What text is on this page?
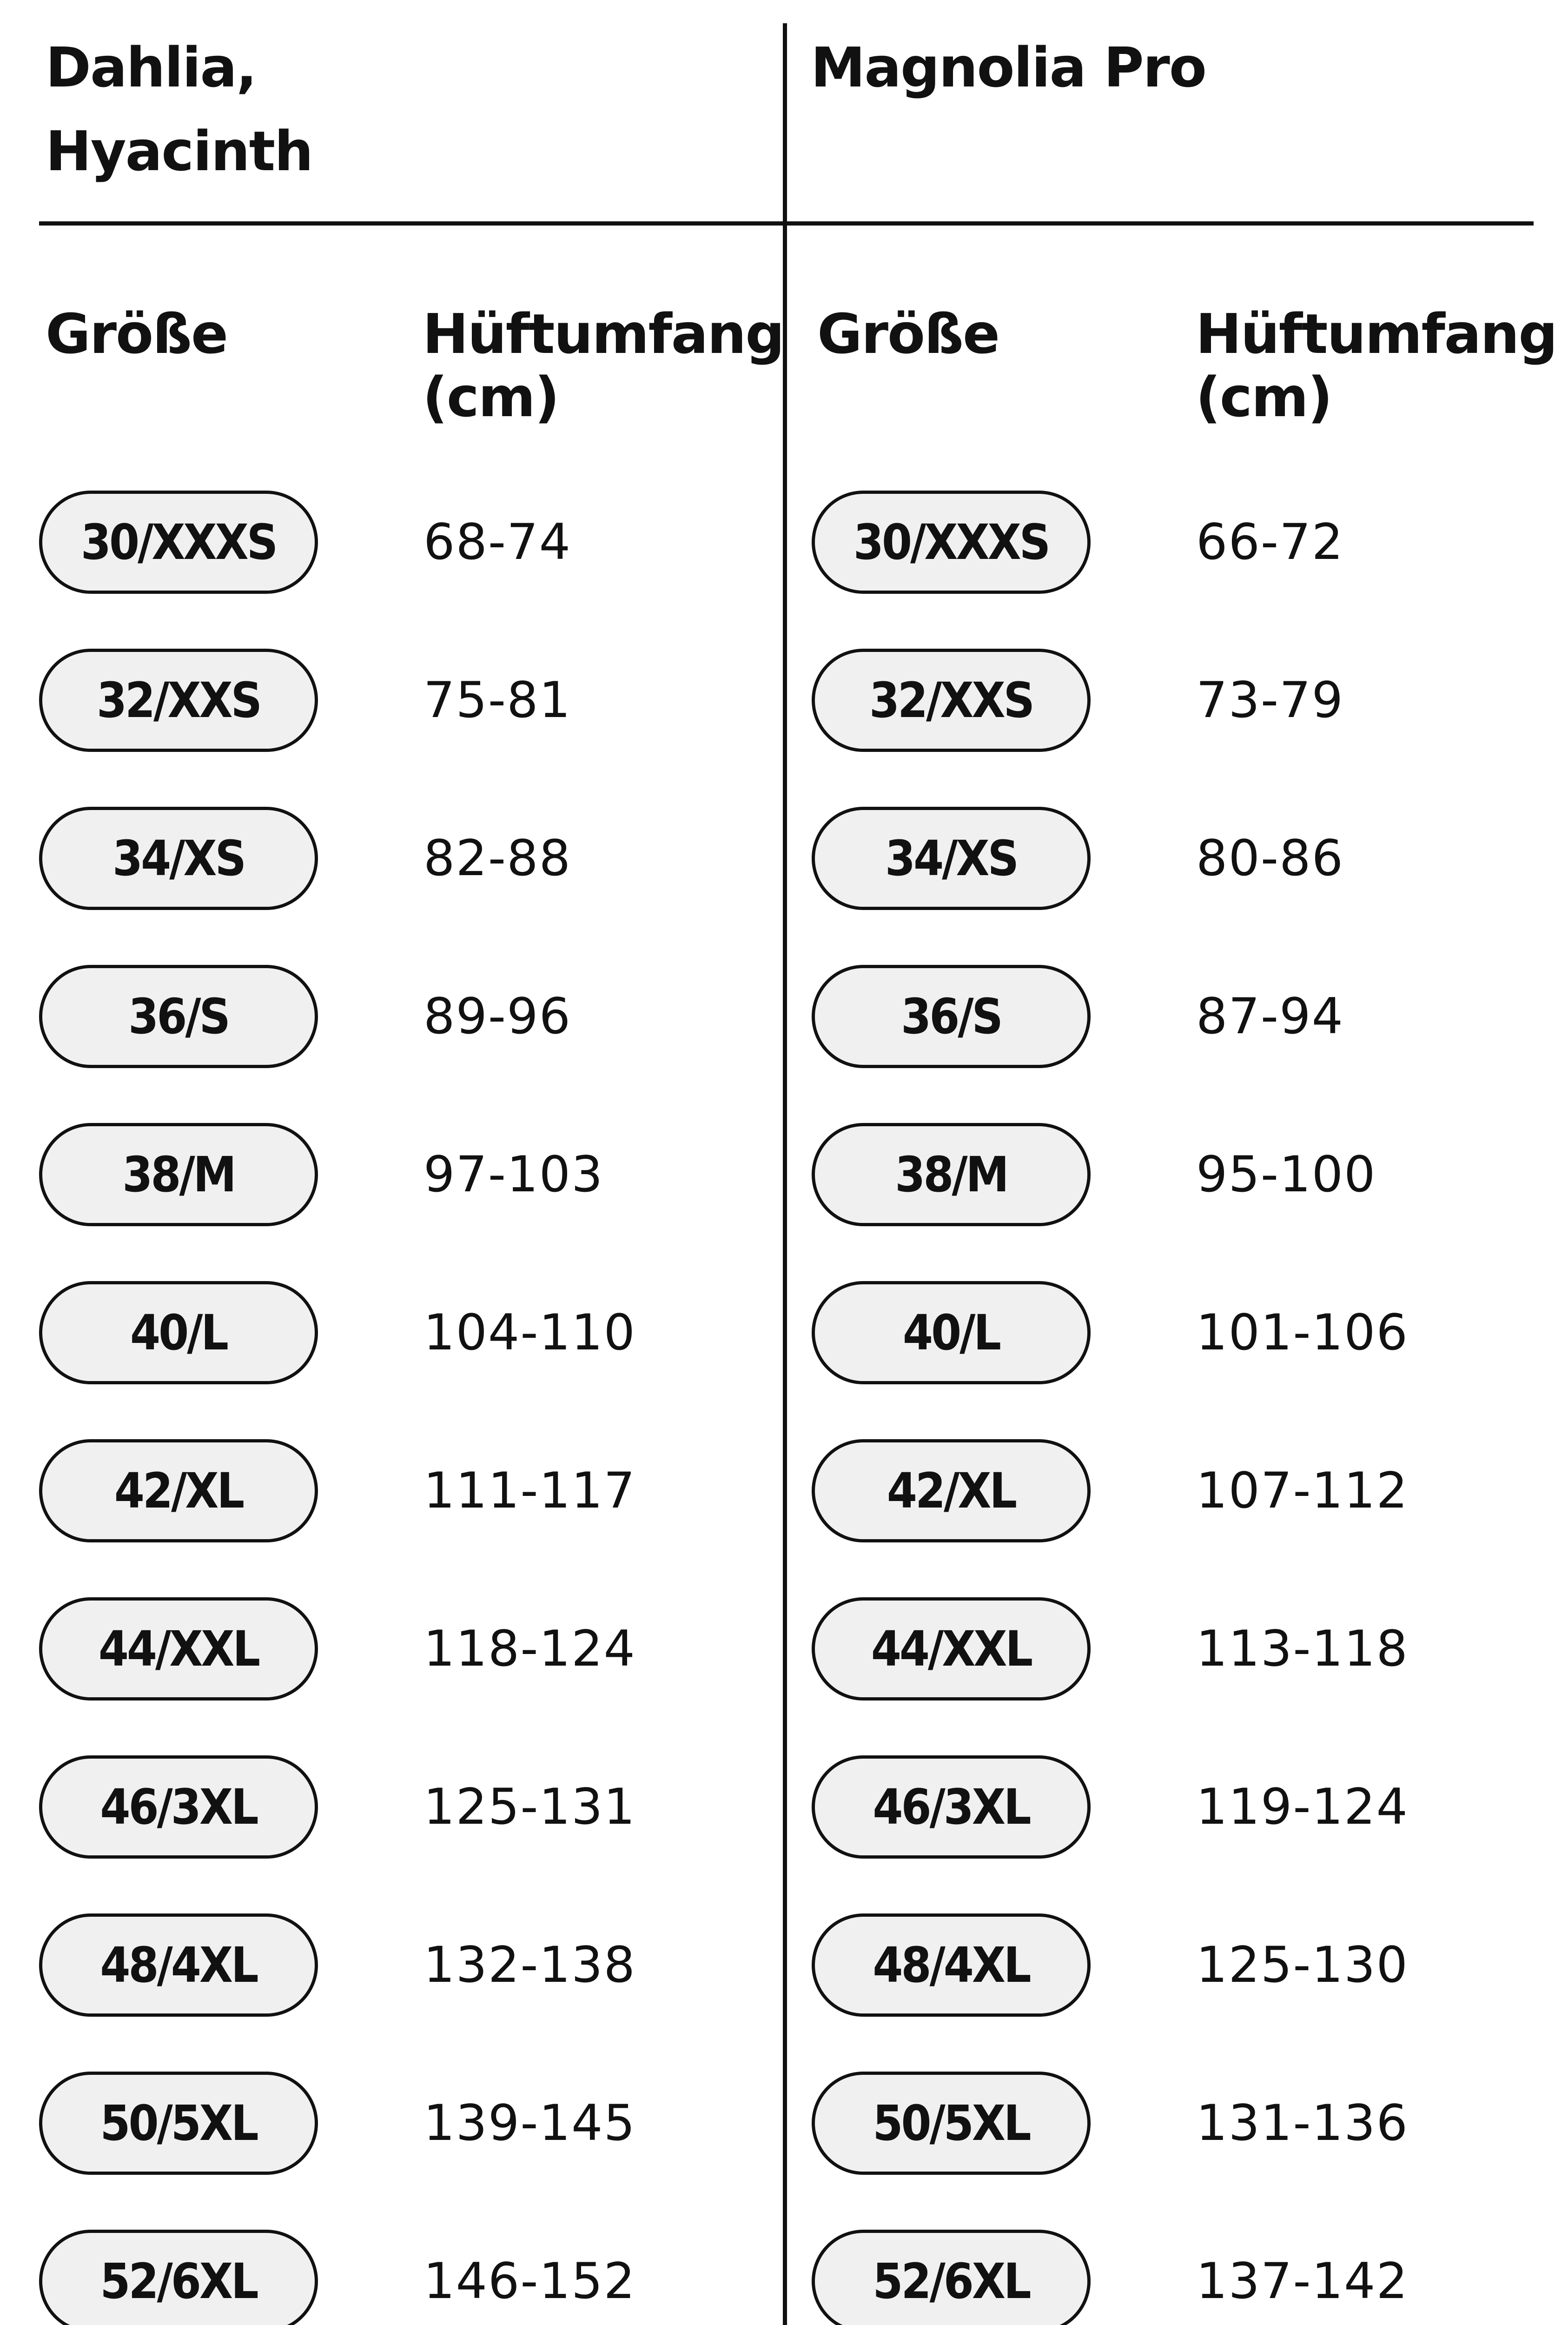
Dahlia,
Hyacinth
Größe	Hüftumfang
(cm)
30/XXXS	68-74
32/XXS	75-81
34/XS	82-88
36/S	89-96
38/M	97-103
40/L	104-110
42/XL	111-117
44/XXL	118-124
46/3XL	125-131
48/4XL	132-138
50/5XL	139-145
52/6XL	146-152
Magnolia Pro
Größe	Hüftumfang
(cm)
30/XXXS	66-72
32/XXS	73-79
34/XS	80-86
36/S	87-94
38/M	95-100
40/L	101-106
42/XL	107-112
44/XXL	113-118
46/3XL	119-124
48/4XL	125-130
50/5XL	131-136
52/6XL	137-142
